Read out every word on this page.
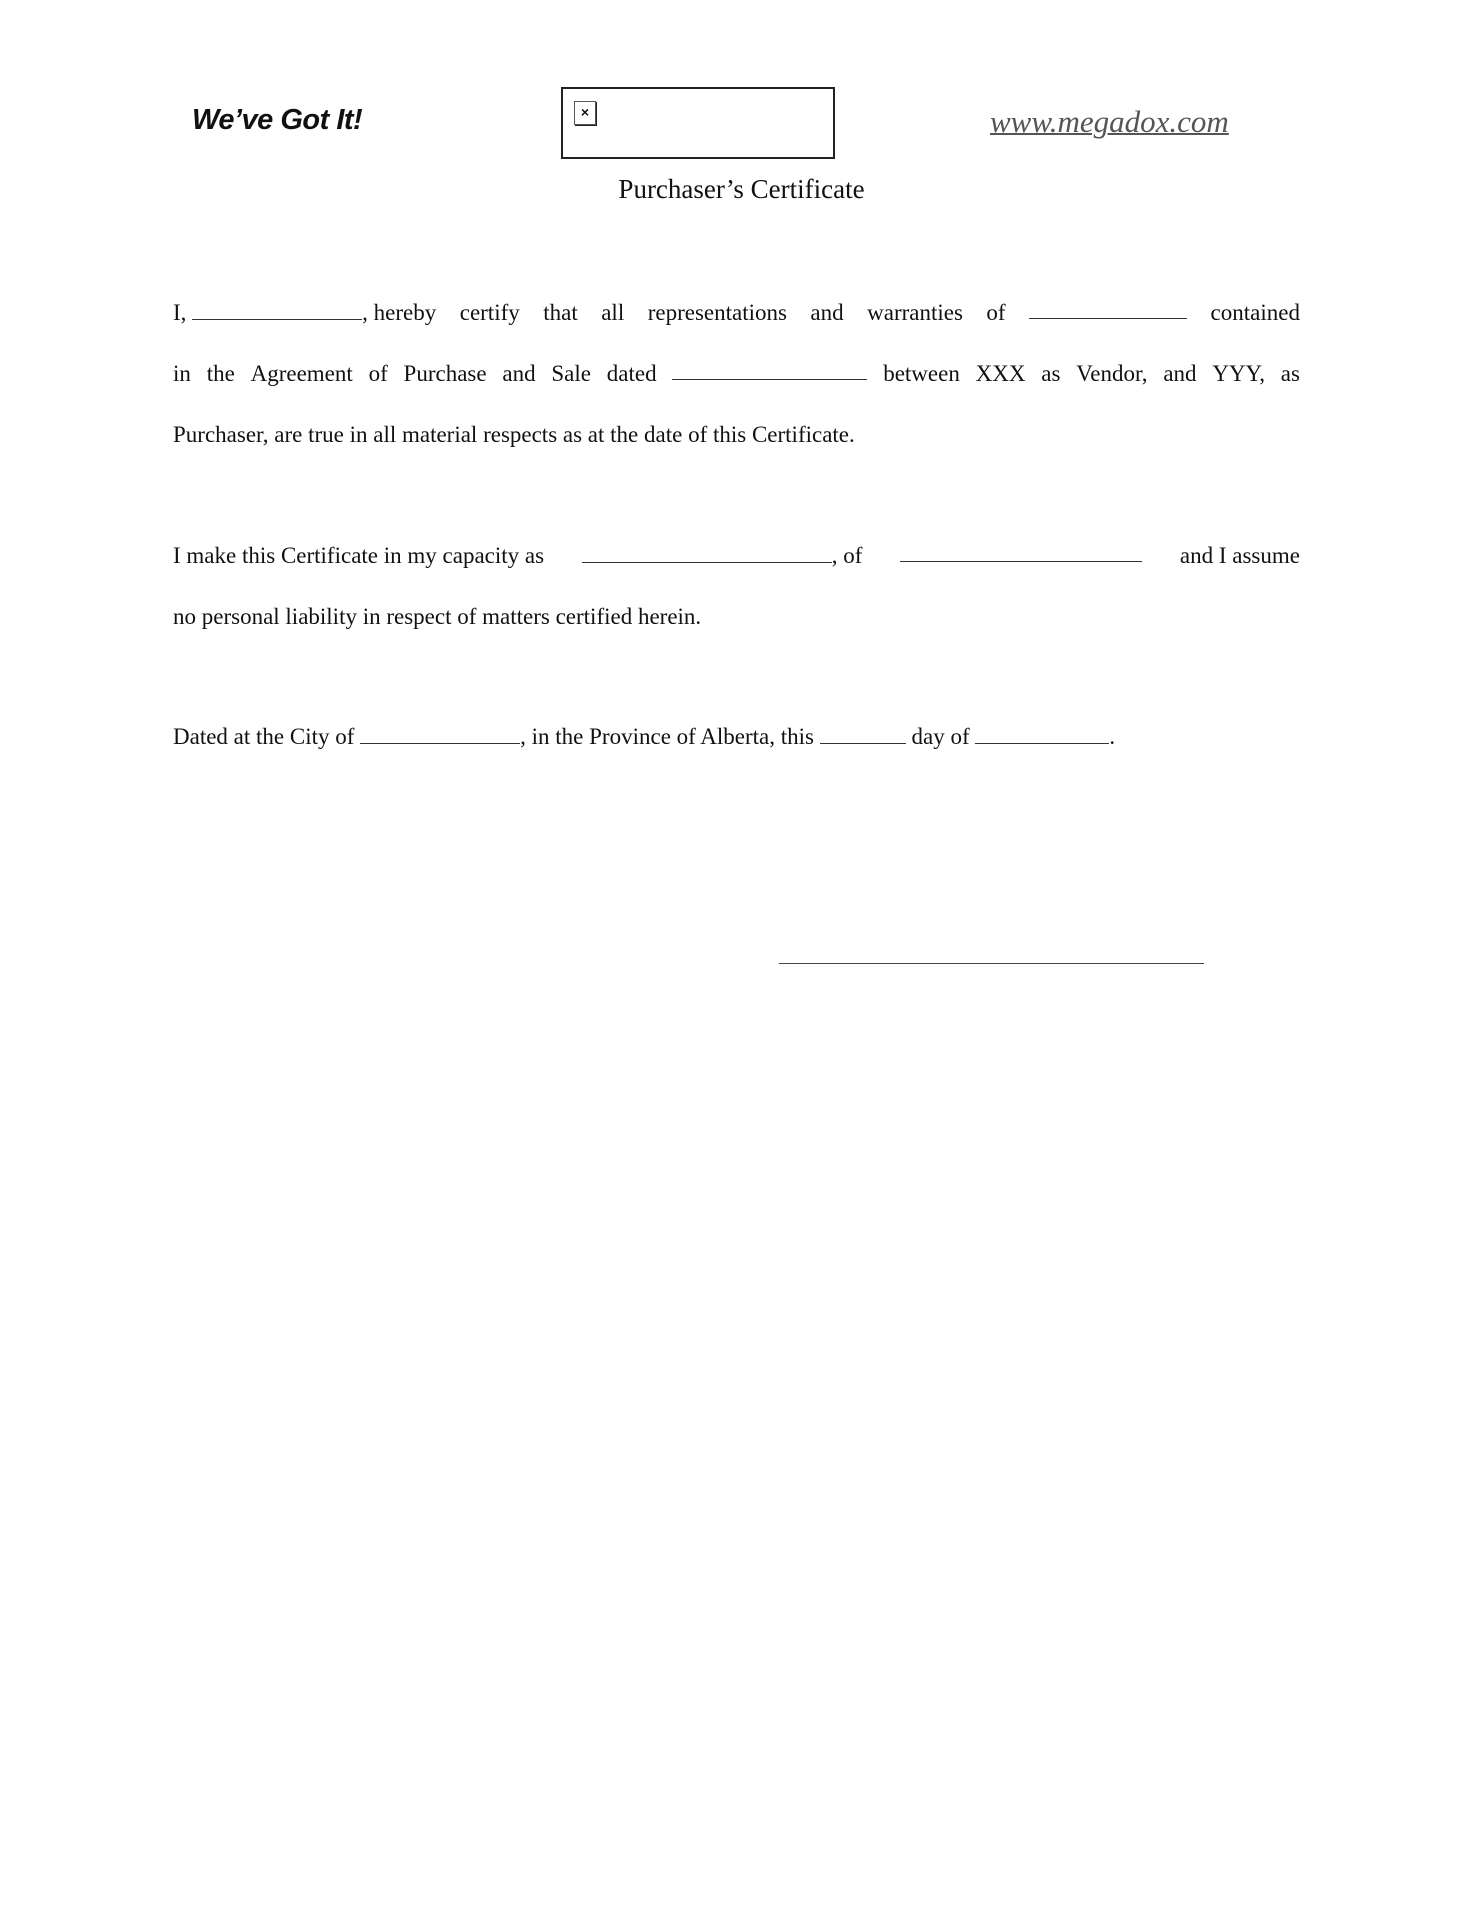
We’ve Got It!	×	www.megadox.com
Purchaser’s Certificate
I,	, hereby certify that all representations and warranties of	contained
in the Agreement of Purchase and Sale dated	between XXX as Vendor, and YYY, as
Purchaser, are true in all material respects as at the date of this Certificate.
I make this Certificate in my capacity as	, of	and I assume
no personal liability in respect of matters certified herein.
Dated at the City of	, in the Province of Alberta, this	day of	.
